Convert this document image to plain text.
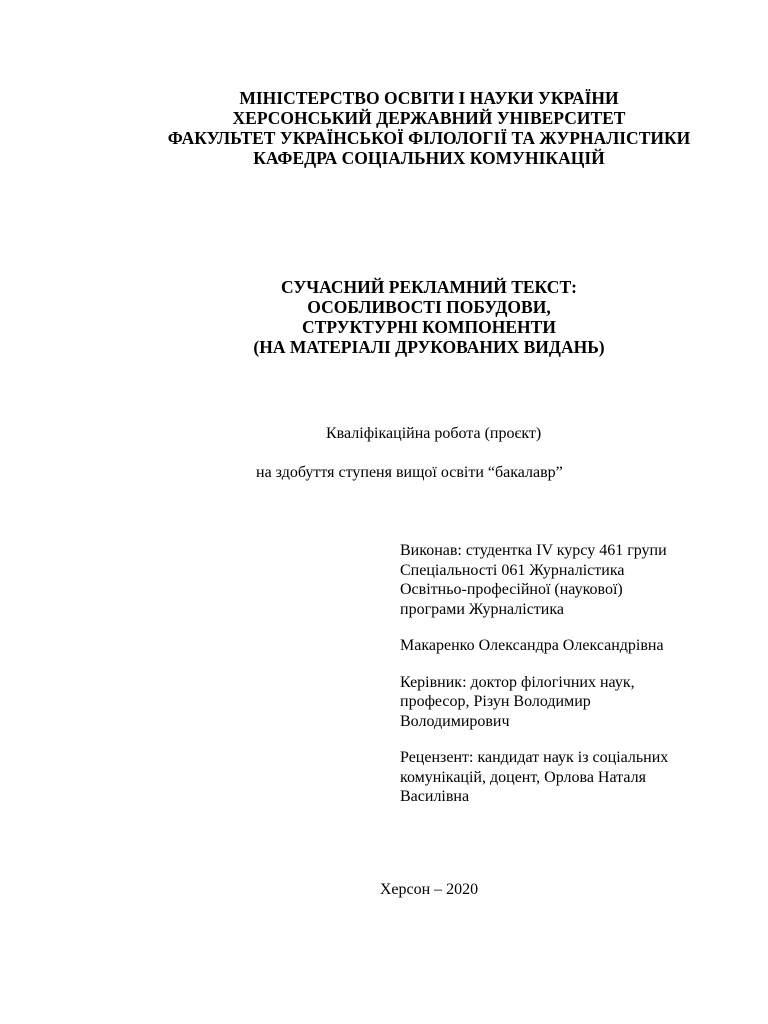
МІНІСТЕРСТВО ОСВІТИ І НАУКИ УКРАЇНИ
ХЕРСОНСЬКИЙ ДЕРЖАВНИЙ УНІВЕРСИТЕТ
ФАКУЛЬТЕТ УКРАЇНСЬКОЇ ФІЛОЛОГІЇ ТА ЖУРНАЛІСТИКИ
КАФЕДРА СОЦІАЛЬНИХ КОМУНІКАЦІЙ
СУЧАСНИЙ РЕКЛАМНИЙ ТЕКСТ:
ОСОБЛИВОСТІ ПОБУДОВИ,
СТРУКТУРНІ КОМПОНЕНТИ
(НА МАТЕРІАЛІ ДРУКОВАНИХ ВИДАНЬ)
Кваліфікаційна робота (проєкт)
на здобуття ступеня вищої освіти “бакалавр”

Виконав: студентка IV курсу 461 групи

Спеціальності 061 Журналістика

Освітньо-професійної (наукової)

програми Журналістика

Макаренко Олександра Олександрівна

Керівник: доктор філогічних наук,

професор, Різун Володимир

Володимирович

Рецензент: кандидат наук із соціальних

комунікацій, доцент, Орлова Наталя

Василівна

Херсон – 2020
